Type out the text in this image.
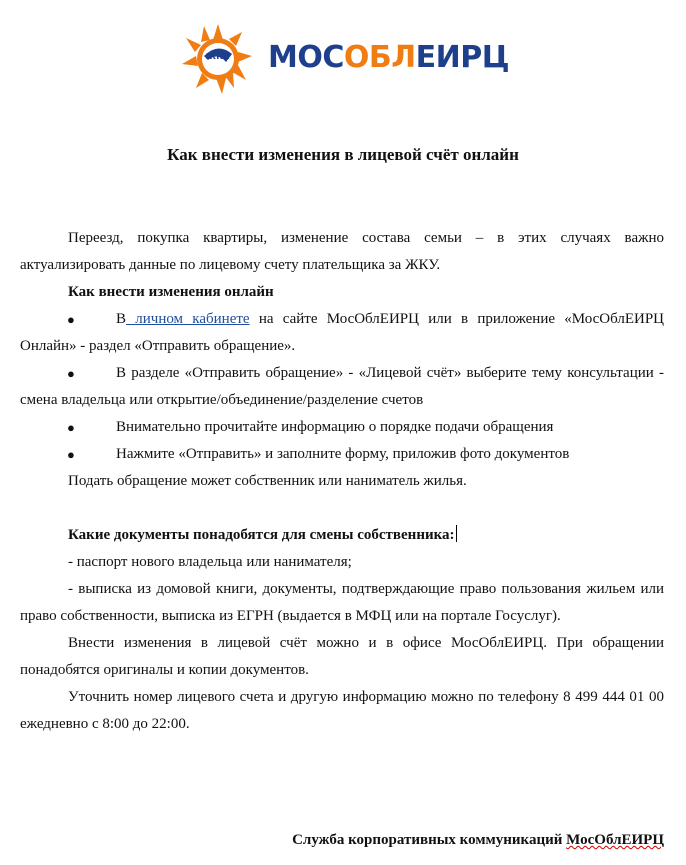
ЖКХ МОСОБЛЕИРЦ
Как внести изменения в лицевой счёт онлайн

Переезд, покупка квартиры, изменение состава семьи – в этих случаях важно актуализировать данные по лицевому счету плательщика за ЖКУ.

Как внести изменения онлайн

●	В личном кабинете на сайте МосОблЕИРЦ или в приложение «МосОблЕИРЦ Онлайн» - раздел «Отправить обращение».

●	В разделе «Отправить обращение» - «Лицевой счёт» выберите тему консультации - смена владельца или открытие/объединение/разделение счетов

●	Внимательно прочитайте информацию о порядке подачи обращения

●	Нажмите «Отправить» и заполните форму, приложив фото документов

Подать обращение может собственник или наниматель жилья.

Какие документы понадобятся для смены собственника:

- паспорт нового владельца или нанимателя;

- выписка из домовой книги, документы, подтверждающие право пользования жильем или право собственности, выписка из ЕГРН (выдается в МФЦ или на портале Госуслуг).

Внести изменения в лицевой счёт можно и в офисе МосОблЕИРЦ. При обращении понадобятся оригиналы и копии документов.

Уточнить номер лицевого счета и другую информацию можно по телефону 8 499 444 01 00 ежедневно с 8:00 до 22:00.

Служба корпоративных коммуникаций МосОблЕИРЦ
